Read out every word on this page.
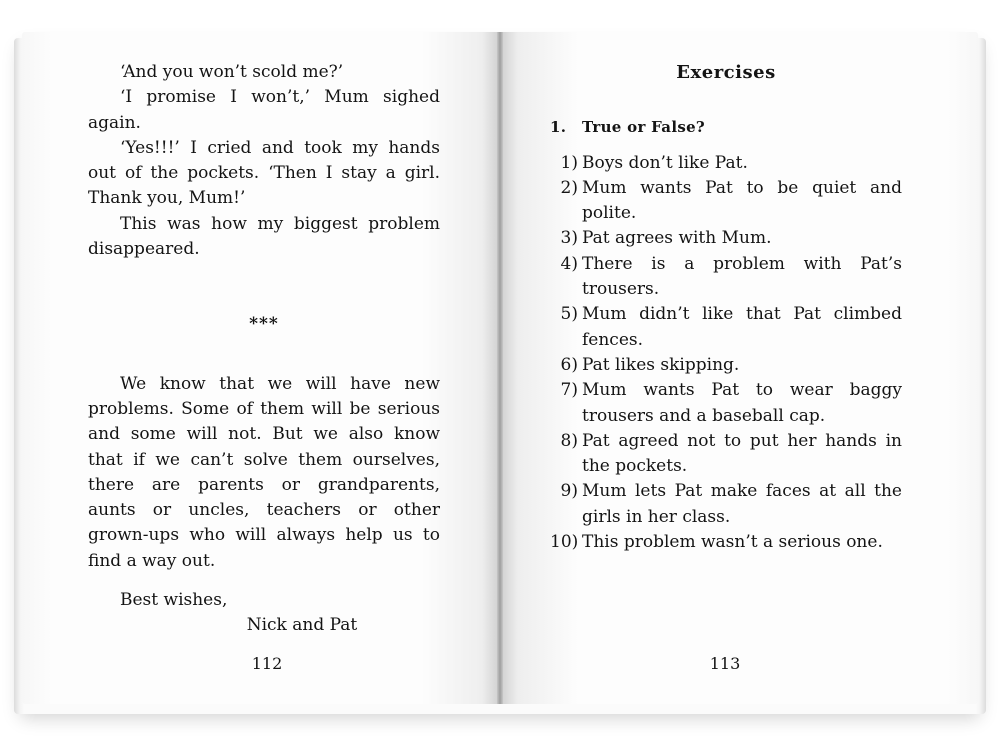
‘And you won’t scold me?’

‘I promise I won’t,’ Mum sighed again.

‘Yes!!!’ I cried and took my hands out of the pockets. ‘Then I stay a girl. Thank you, Mum!’

This was how my biggest problem disappeared.

***

We know that we will have new problems. Some of them will be serious and some will not. But we also know that if we can’t solve them ourselves, there are parents or grandparents, aunts or uncles, teachers or other grown-ups who will always help us to find a way out.

Best wishes,

Nick and Pat

112
Exercises
1. True or False?
1) Boys don’t like Pat.
2) Mum wants Pat to be quiet and polite.
3) Pat agrees with Mum.
4) There is a problem with Pat’s trousers.
5) Mum didn’t like that Pat climbed fences.
6) Pat likes skipping.
7) Mum wants Pat to wear baggy trousers and a baseball cap.
8) Pat agreed not to put her hands in the pockets.
9) Mum lets Pat make faces at all the girls in her class.
10) This problem wasn’t a serious one.
113
